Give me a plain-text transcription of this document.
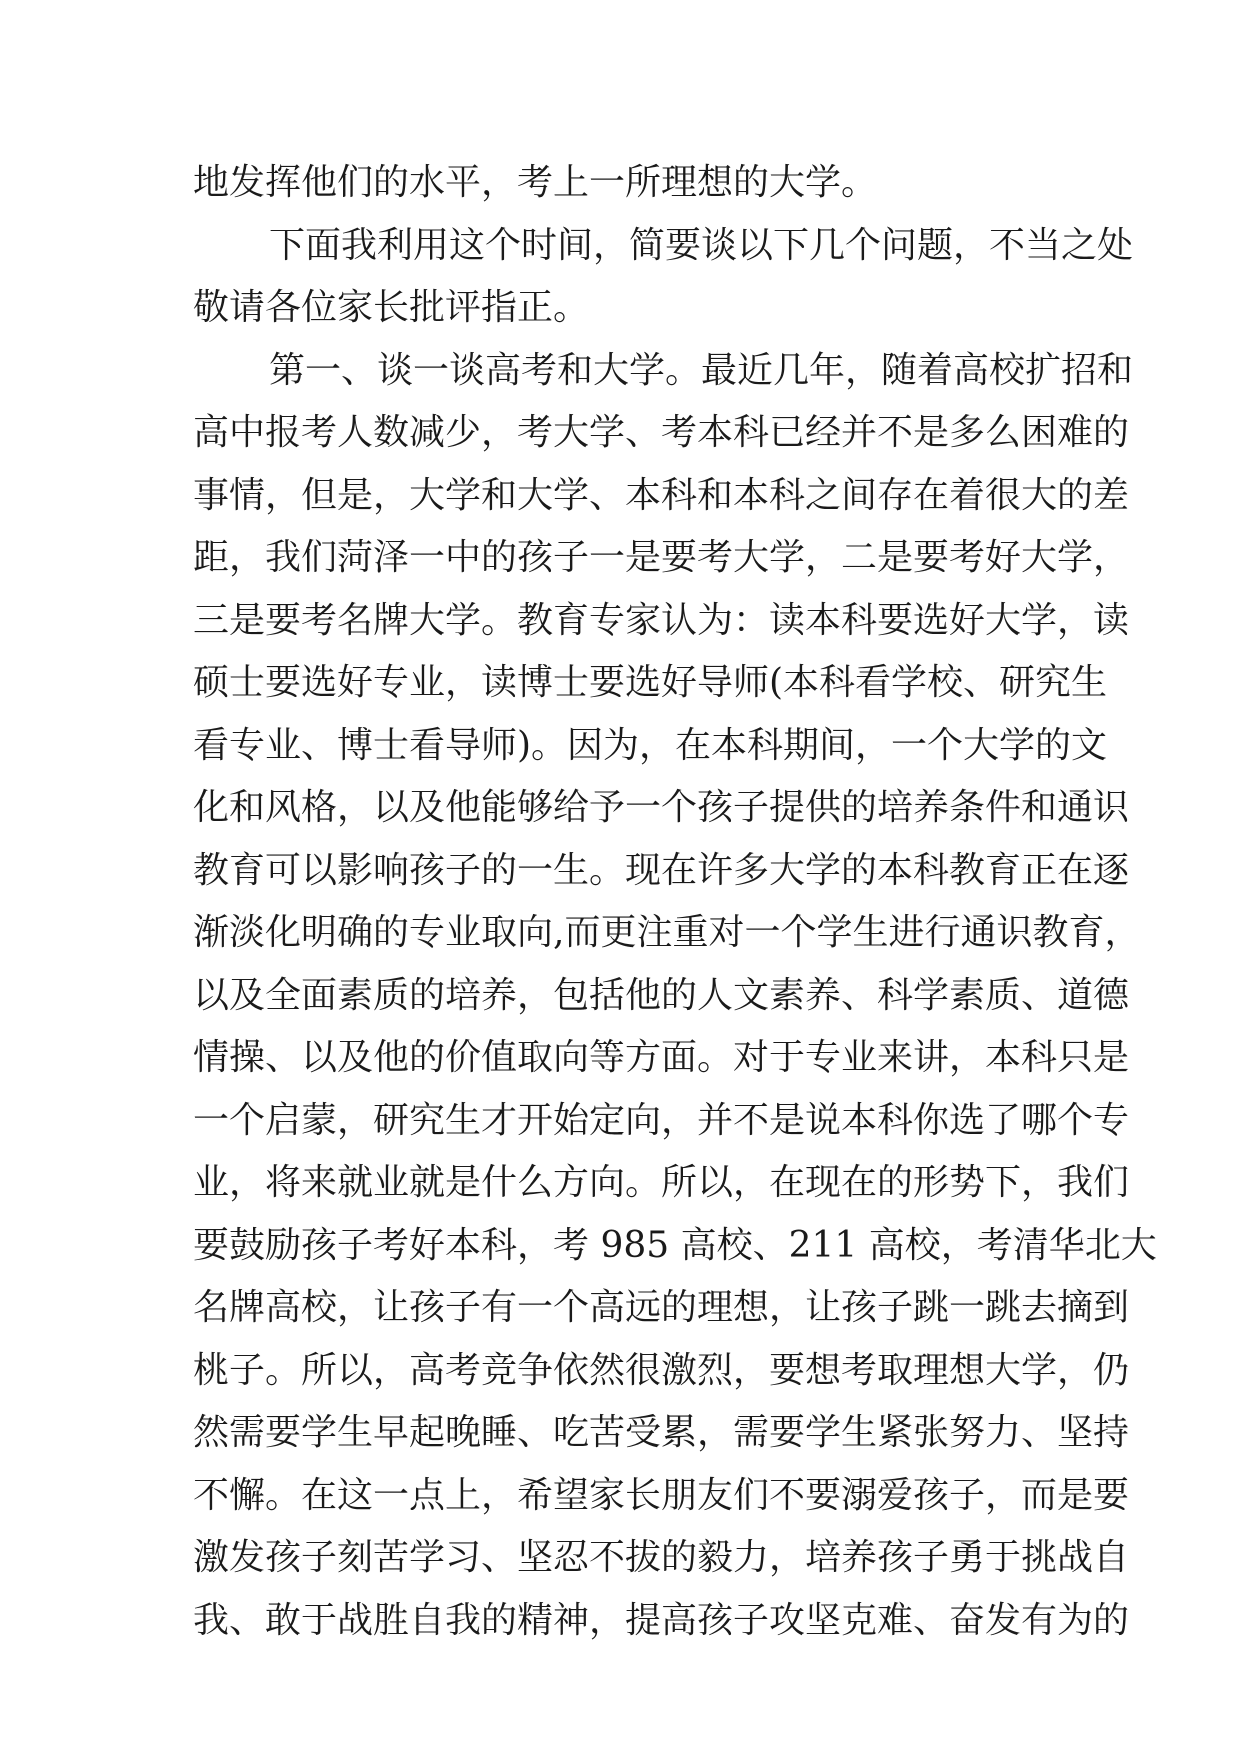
地发挥他们的水平，考上一所理想的大学。
下面我利用这个时间，简要谈以下几个问题，不当之处
敬请各位家长批评指正。
第一、谈一谈高考和大学。最近几年，随着高校扩招和
高中报考人数减少，考大学、考本科已经并不是多么困难的
事情，但是，大学和大学、本科和本科之间存在着很大的差
距，我们菏泽一中的孩子一是要考大学，二是要考好大学，
三是要考名牌大学。教育专家认为：读本科要选好大学，读
硕士要选好专业，读博士要选好导师(本科看学校、研究生
看专业、博士看导师)。因为，在本科期间，一个大学的文
化和风格，以及他能够给予一个孩子提供的培养条件和通识
教育可以影响孩子的一生。现在许多大学的本科教育正在逐
渐淡化明确的专业取向,而更注重对一个学生进行通识教育，
以及全面素质的培养，包括他的人文素养、科学素质、道德
情操、以及他的价值取向等方面。对于专业来讲，本科只是
一个启蒙，研究生才开始定向，并不是说本科你选了哪个专
业，将来就业就是什么方向。所以，在现在的形势下，我们
要鼓励孩子考好本科，考 985 高校、211 高校，考清华北大
名牌高校，让孩子有一个高远的理想，让孩子跳一跳去摘到
桃子。所以，高考竞争依然很激烈，要想考取理想大学，仍
然需要学生早起晚睡、吃苦受累，需要学生紧张努力、坚持
不懈。在这一点上，希望家长朋友们不要溺爱孩子，而是要
激发孩子刻苦学习、坚忍不拔的毅力，培养孩子勇于挑战自
我、敢于战胜自我的精神，提高孩子攻坚克难、奋发有为的
